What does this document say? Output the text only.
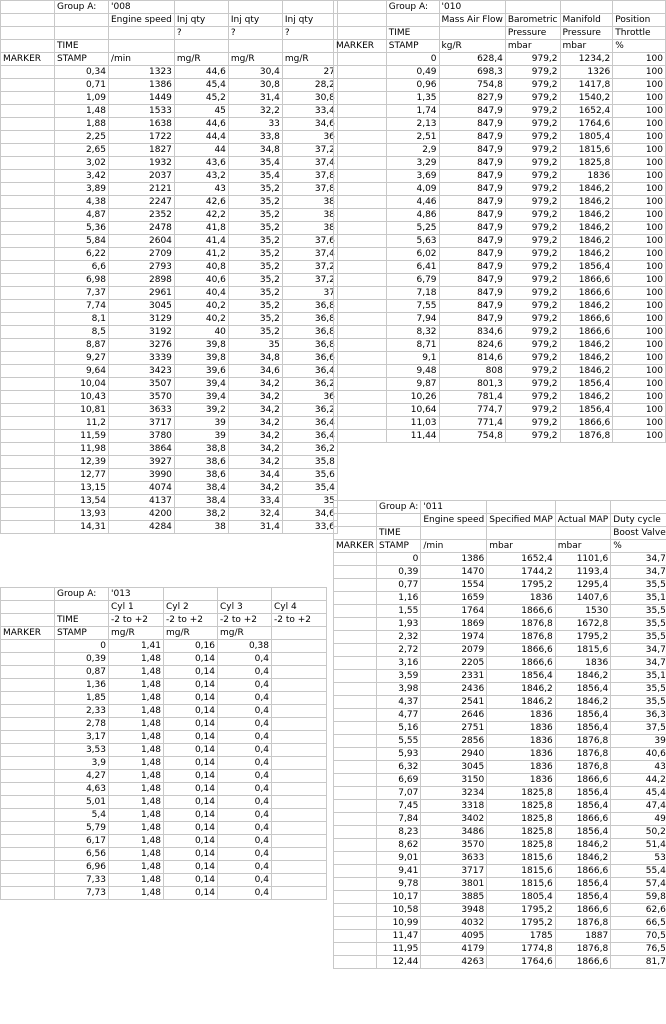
	Group A:	'008			
		Engine speed	Inj qty	Inj qty	Inj qty
			?	?	?
	TIME				
MARKER	STAMP	/min	mg/R	mg/R	mg/R
	0,34	1323	44,6	30,4	27
	0,71	1386	45,4	30,8	28,2
	1,09	1449	45,2	31,4	30,8
	1,48	1533	45	32,2	33,4
	1,88	1638	44,6	33	34,6
	2,25	1722	44,4	33,8	36
	2,65	1827	44	34,8	37,2
	3,02	1932	43,6	35,4	37,4
	3,42	2037	43,2	35,4	37,8
	3,89	2121	43	35,2	37,8
	4,38	2247	42,6	35,2	38
	4,87	2352	42,2	35,2	38
	5,36	2478	41,8	35,2	38
	5,84	2604	41,4	35,2	37,6
	6,22	2709	41,2	35,2	37,4
	6,6	2793	40,8	35,2	37,2
	6,98	2898	40,6	35,2	37,2
	7,37	2961	40,4	35,2	37
	7,74	3045	40,2	35,2	36,8
	8,1	3129	40,2	35,2	36,8
	8,5	3192	40	35,2	36,8
	8,87	3276	39,8	35	36,8
	9,27	3339	39,8	34,8	36,6
	9,64	3423	39,6	34,6	36,4
	10,04	3507	39,4	34,2	36,2
	10,43	3570	39,4	34,2	36
	10,81	3633	39,2	34,2	36,2
	11,2	3717	39	34,2	36,4
	11,59	3780	39	34,2	36,4
	11,98	3864	38,8	34,2	36,2
	12,39	3927	38,6	34,2	35,8
	12,77	3990	38,6	34,4	35,6
	13,15	4074	38,4	34,2	35,4
	13,54	4137	38,4	33,4	35
	13,93	4200	38,2	32,4	34,6
	14,31	4284	38	31,4	33,6
	Group A:	'013			
		Cyl 1	Cyl 2	Cyl 3	Cyl 4
	TIME	-2 to +2	-2 to +2	-2 to +2	-2 to +2
MARKER	STAMP	mg/R	mg/R	mg/R	
	0	1,41	0,16	0,38	
	0,39	1,48	0,14	0,4	
	0,87	1,48	0,14	0,4	
	1,36	1,48	0,14	0,4	
	1,85	1,48	0,14	0,4	
	2,33	1,48	0,14	0,4	
	2,78	1,48	0,14	0,4	
	3,17	1,48	0,14	0,4	
	3,53	1,48	0,14	0,4	
	3,9	1,48	0,14	0,4	
	4,27	1,48	0,14	0,4	
	4,63	1,48	0,14	0,4	
	5,01	1,48	0,14	0,4	
	5,4	1,48	0,14	0,4	
	5,79	1,48	0,14	0,4	
	6,17	1,48	0,14	0,4	
	6,56	1,48	0,14	0,4	
	6,96	1,48	0,14	0,4	
	7,33	1,48	0,14	0,4	
	7,73	1,48	0,14	0,4	
	Group A:	'010			
		Mass Air Flow	Barometric	Manifold	Position
	TIME		Pressure	Pressure	Throttle
MARKER	STAMP	kg/R	mbar	mbar	%
	0	628,4	979,2	1234,2	100
	0,49	698,3	979,2	1326	100
	0,96	754,8	979,2	1417,8	100
	1,35	827,9	979,2	1540,2	100
	1,74	847,9	979,2	1652,4	100
	2,13	847,9	979,2	1764,6	100
	2,51	847,9	979,2	1805,4	100
	2,9	847,9	979,2	1815,6	100
	3,29	847,9	979,2	1825,8	100
	3,69	847,9	979,2	1836	100
	4,09	847,9	979,2	1846,2	100
	4,46	847,9	979,2	1846,2	100
	4,86	847,9	979,2	1846,2	100
	5,25	847,9	979,2	1846,2	100
	5,63	847,9	979,2	1846,2	100
	6,02	847,9	979,2	1846,2	100
	6,41	847,9	979,2	1856,4	100
	6,79	847,9	979,2	1866,6	100
	7,18	847,9	979,2	1866,6	100
	7,55	847,9	979,2	1846,2	100
	7,94	847,9	979,2	1866,6	100
	8,32	834,6	979,2	1866,6	100
	8,71	824,6	979,2	1846,2	100
	9,1	814,6	979,2	1846,2	100
	9,48	808	979,2	1846,2	100
	9,87	801,3	979,2	1856,4	100
	10,26	781,4	979,2	1846,2	100
	10,64	774,7	979,2	1856,4	100
	11,03	771,4	979,2	1866,6	100
	11,44	754,8	979,2	1876,8	100
	Group A:	'011			
		Engine speed	Specified MAP	Actual MAP	Duty cycle
	TIME				Boost Valve
MARKER	STAMP	/min	mbar	mbar	%
	0	1386	1652,4	1101,6	34,7
	0,39	1470	1744,2	1193,4	34,7
	0,77	1554	1795,2	1295,4	35,5
	1,16	1659	1836	1407,6	35,1
	1,55	1764	1866,6	1530	35,5
	1,93	1869	1876,8	1672,8	35,5
	2,32	1974	1876,8	1795,2	35,5
	2,72	2079	1866,6	1815,6	34,7
	3,16	2205	1866,6	1836	34,7
	3,59	2331	1856,4	1846,2	35,1
	3,98	2436	1846,2	1856,4	35,5
	4,37	2541	1846,2	1846,2	35,5
	4,77	2646	1836	1856,4	36,3
	5,16	2751	1836	1856,4	37,5
	5,55	2856	1836	1876,8	39
	5,93	2940	1836	1876,8	40,6
	6,32	3045	1836	1876,8	43
	6,69	3150	1836	1866,6	44,2
	7,07	3234	1825,8	1856,4	45,4
	7,45	3318	1825,8	1856,4	47,4
	7,84	3402	1825,8	1866,6	49
	8,23	3486	1825,8	1856,4	50,2
	8,62	3570	1825,8	1846,2	51,4
	9,01	3633	1815,6	1846,2	53
	9,41	3717	1815,6	1866,6	55,4
	9,78	3801	1815,6	1856,4	57,4
	10,17	3885	1805,4	1856,4	59,8
	10,58	3948	1795,2	1866,6	62,6
	10,99	4032	1795,2	1876,8	66,5
	11,47	4095	1785	1887	70,5
	11,95	4179	1774,8	1876,8	76,5
	12,44	4263	1764,6	1866,6	81,7
